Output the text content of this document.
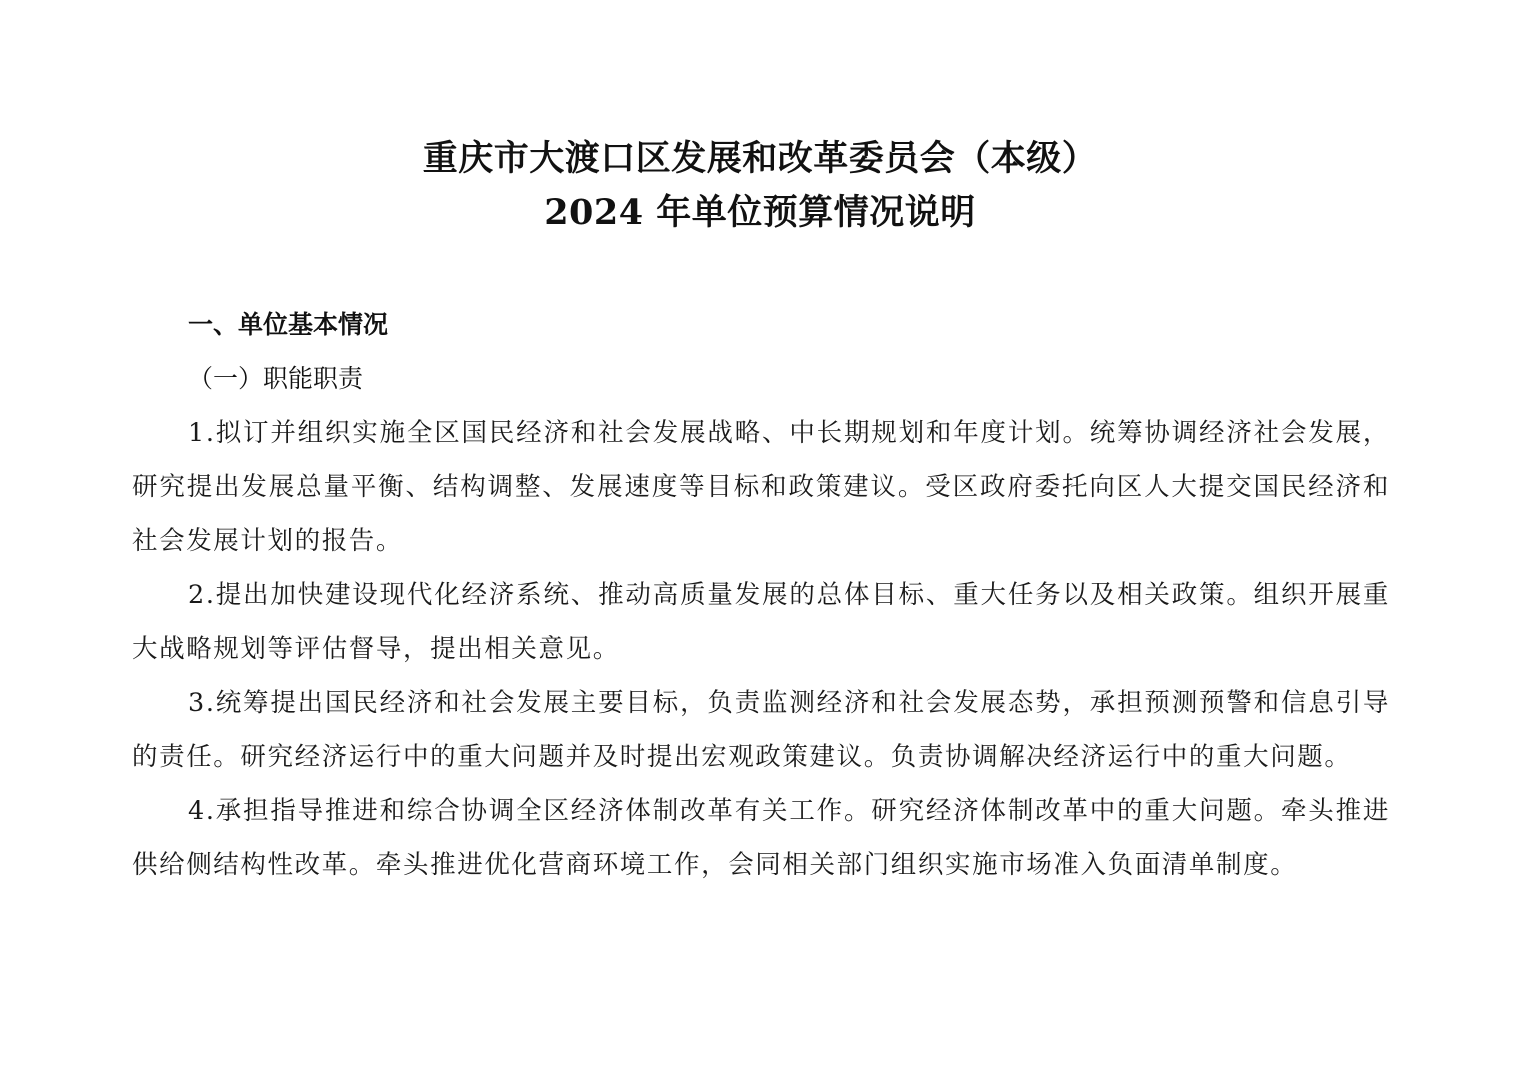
重庆市大渡口区发展和改革委员会（本级）
2024 年单位预算情况说明
一、单位基本情况
（一）职能职责

1.拟订并组织实施全区国民经济和社会发展战略、中长期规划和年度计划。统筹协调经济社会发展，研究提出发展总量平衡、结构调整、发展速度等目标和政策建议。受区政府委托向区人大提交国民经济和社会发展计划的报告。

2.提出加快建设现代化经济系统、推动高质量发展的总体目标、重大任务以及相关政策。组织开展重大战略规划等评估督导，提出相关意见。

3.统筹提出国民经济和社会发展主要目标，负责监测经济和社会发展态势，承担预测预警和信息引导的责任。研究经济运行中的重大问题并及时提出宏观政策建议。负责协调解决经济运行中的重大问题。

4.承担指导推进和综合协调全区经济体制改革有关工作。研究经济体制改革中的重大问题。牵头推进供给侧结构性改革。牵头推进优化营商环境工作，会同相关部门组织实施市场准入负面清单制度。
